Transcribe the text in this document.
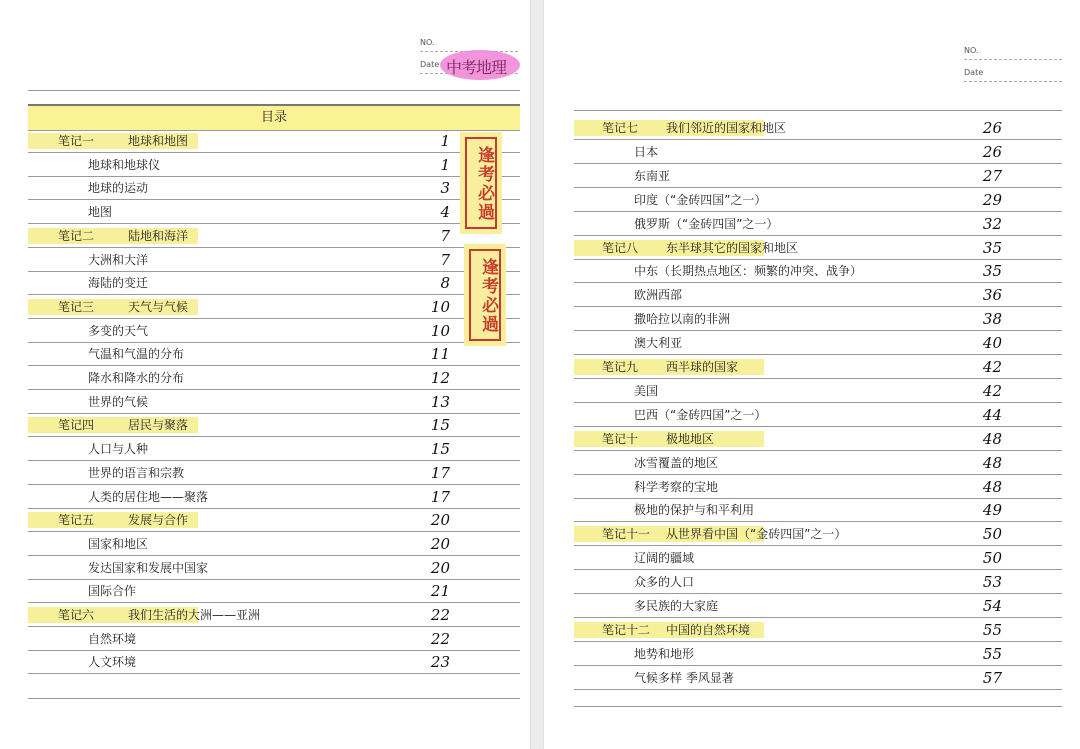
NO.
Date 中考地理
目录
笔记一	地球和地图	1
地球和地球仪	1
地球的运动	3
地图	4
笔记二	陆地和海洋	7
大洲和大洋	7
海陆的变迁	8
笔记三	天气与气候	10
多变的天气	10
气温和气温的分布	11
降水和降水的分布	12
世界的气候	13
笔记四	居民与聚落	15
人口与人种	15
世界的语言和宗教	17
人类的居住地——聚落	17
笔记五	发展与合作	20
国家和地区	20
发达国家和发展中国家	20
国际合作	21
笔记六	我们生活的大洲——亚洲	22
自然环境	22
人文环境	23
逢考必過
逢考必過
NO.
Date
笔记七 我们邻近的国家和地区	26
日本	26
东南亚	27
印度（“金砖四国”之一）	29
俄罗斯（“金砖四国”之一）	32
笔记八 东半球其它的国家和地区	35
中东（长期热点地区：频繁的冲突、战争）	35
欧洲西部	36
撒哈拉以南的非洲	38
澳大利亚	40
笔记九 西半球的国家	42
美国	42
巴西（“金砖四国”之一）	44
笔记十 极地地区	48
冰雪覆盖的地区	48
科学考察的宝地	48
极地的保护与和平利用	49
笔记十一 从世界看中国（“金砖四国”之一）	50
辽阔的疆域	50
众多的人口	53
多民族的大家庭	54
笔记十二 中国的自然环境	55
地势和地形	55
气候多样 季风显著	57
